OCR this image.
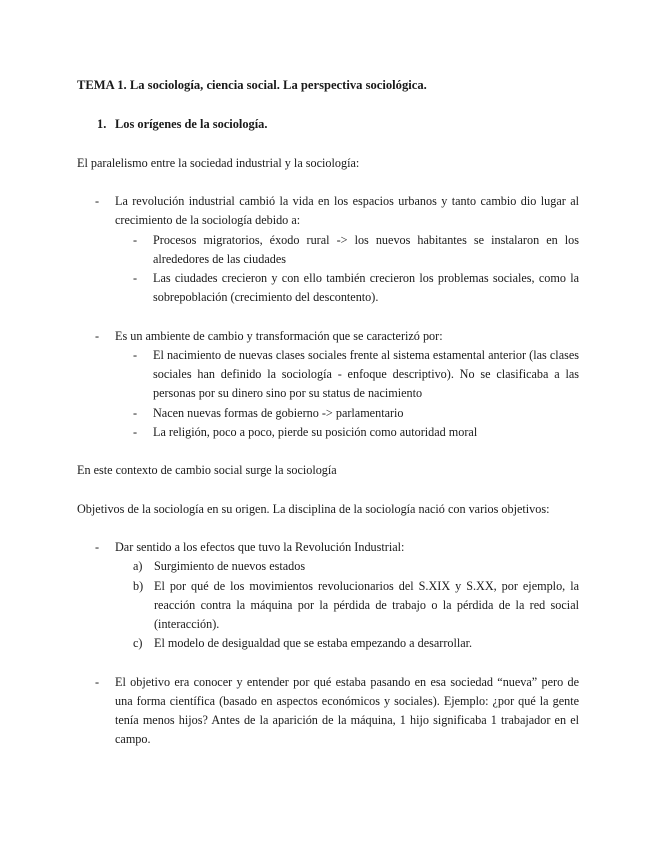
TEMA 1. La sociología, ciencia social. La perspectiva sociológica.
1. Los orígenes de la sociología.
El paralelismo entre la sociedad industrial y la sociología:
- La revolución industrial cambió la vida en los espacios urbanos y tanto cambio dio lugar al crecimiento de la sociología debido a:
- Procesos migratorios, éxodo rural -> los nuevos habitantes se instalaron en los alrededores de las ciudades
- Las ciudades crecieron y con ello también crecieron los problemas sociales, como la sobrepoblación (crecimiento del descontento).
- Es un ambiente de cambio y transformación que se caracterizó por:
- El nacimiento de nuevas clases sociales frente al sistema estamental anterior (las clases sociales han definido la sociología - enfoque descriptivo). No se clasificaba a las personas por su dinero sino por su status de nacimiento
- Nacen nuevas formas de gobierno -> parlamentario
- La religión, poco a poco, pierde su posición como autoridad moral
En este contexto de cambio social surge la sociología
Objetivos de la sociología en su origen. La disciplina de la sociología nació con varios objetivos:
- Dar sentido a los efectos que tuvo la Revolución Industrial:
a) Surgimiento de nuevos estados
b) El por qué de los movimientos revolucionarios del S.XIX y S.XX, por ejemplo, la reacción contra la máquina por la pérdida de trabajo o la pérdida de la red social (interacción).
c) El modelo de desigualdad que se estaba empezando a desarrollar.
- El objetivo era conocer y entender por qué estaba pasando en esa sociedad “nueva” pero de una forma científica (basado en aspectos económicos y sociales). Ejemplo: ¿por qué la gente tenía menos hijos? Antes de la aparición de la máquina, 1 hijo significaba 1 trabajador en el campo.
